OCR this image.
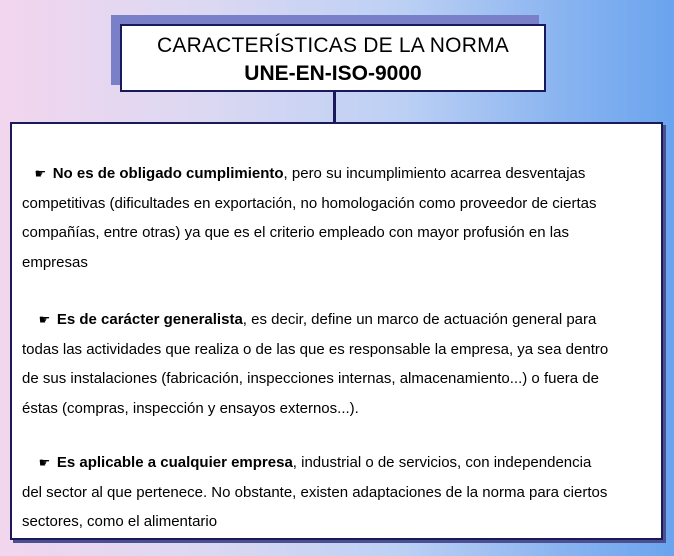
CARACTERÍSTICAS DE LA NORMA
UNE-EN-ISO-9000
☛ No es de obligado cumplimiento, pero su incumplimiento acarrea desventajas
competitivas (dificultades en exportación, no homologación como proveedor de ciertas
compañías, entre otras) ya que es el criterio empleado con mayor profusión en las
empresas
☛ Es de carácter generalista, es decir, define un marco de actuación general para
todas las actividades que realiza o de las que es responsable la empresa, ya sea dentro
de sus instalaciones (fabricación, inspecciones internas, almacenamiento...) o fuera de
éstas (compras, inspección y ensayos externos...).
☛ Es aplicable a cualquier empresa, industrial o de servicios, con independencia
del sector al que pertenece. No obstante, existen adaptaciones de la norma para ciertos
sectores, como el alimentario
